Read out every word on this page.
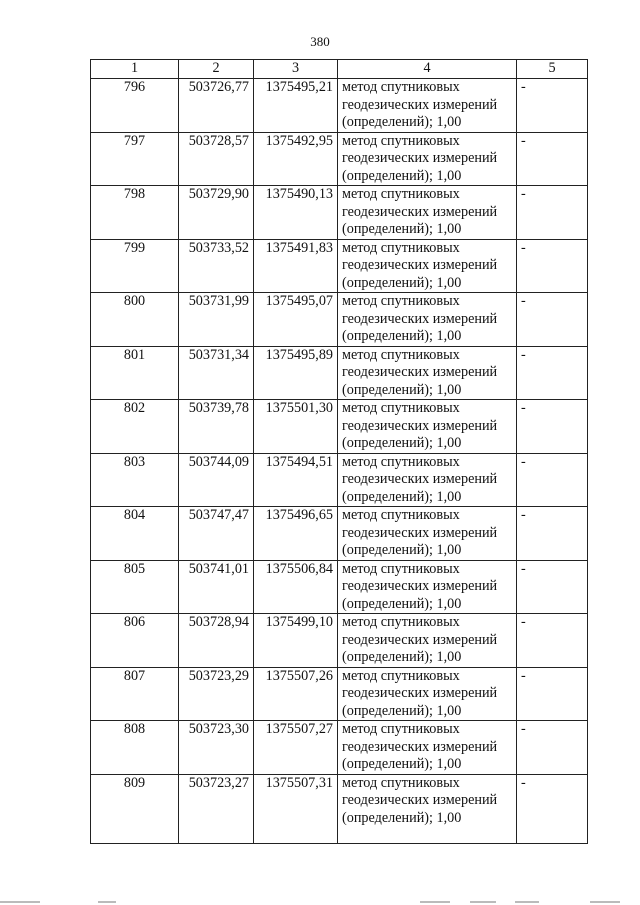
380
1	2	3	4	5
796	503726,77	1375495,21	метод спутниковых
геодезических измерений
(определений); 1,00	-
797	503728,57	1375492,95	метод спутниковых
геодезических измерений
(определений); 1,00	-
798	503729,90	1375490,13	метод спутниковых
геодезических измерений
(определений); 1,00	-
799	503733,52	1375491,83	метод спутниковых
геодезических измерений
(определений); 1,00	-
800	503731,99	1375495,07	метод спутниковых
геодезических измерений
(определений); 1,00	-
801	503731,34	1375495,89	метод спутниковых
геодезических измерений
(определений); 1,00	-
802	503739,78	1375501,30	метод спутниковых
геодезических измерений
(определений); 1,00	-
803	503744,09	1375494,51	метод спутниковых
геодезических измерений
(определений); 1,00	-
804	503747,47	1375496,65	метод спутниковых
геодезических измерений
(определений); 1,00	-
805	503741,01	1375506,84	метод спутниковых
геодезических измерений
(определений); 1,00	-
806	503728,94	1375499,10	метод спутниковых
геодезических измерений
(определений); 1,00	-
807	503723,29	1375507,26	метод спутниковых
геодезических измерений
(определений); 1,00	-
808	503723,30	1375507,27	метод спутниковых
геодезических измерений
(определений); 1,00	-
809	503723,27	1375507,31	метод спутниковых
геодезических измерений
(определений); 1,00	-
